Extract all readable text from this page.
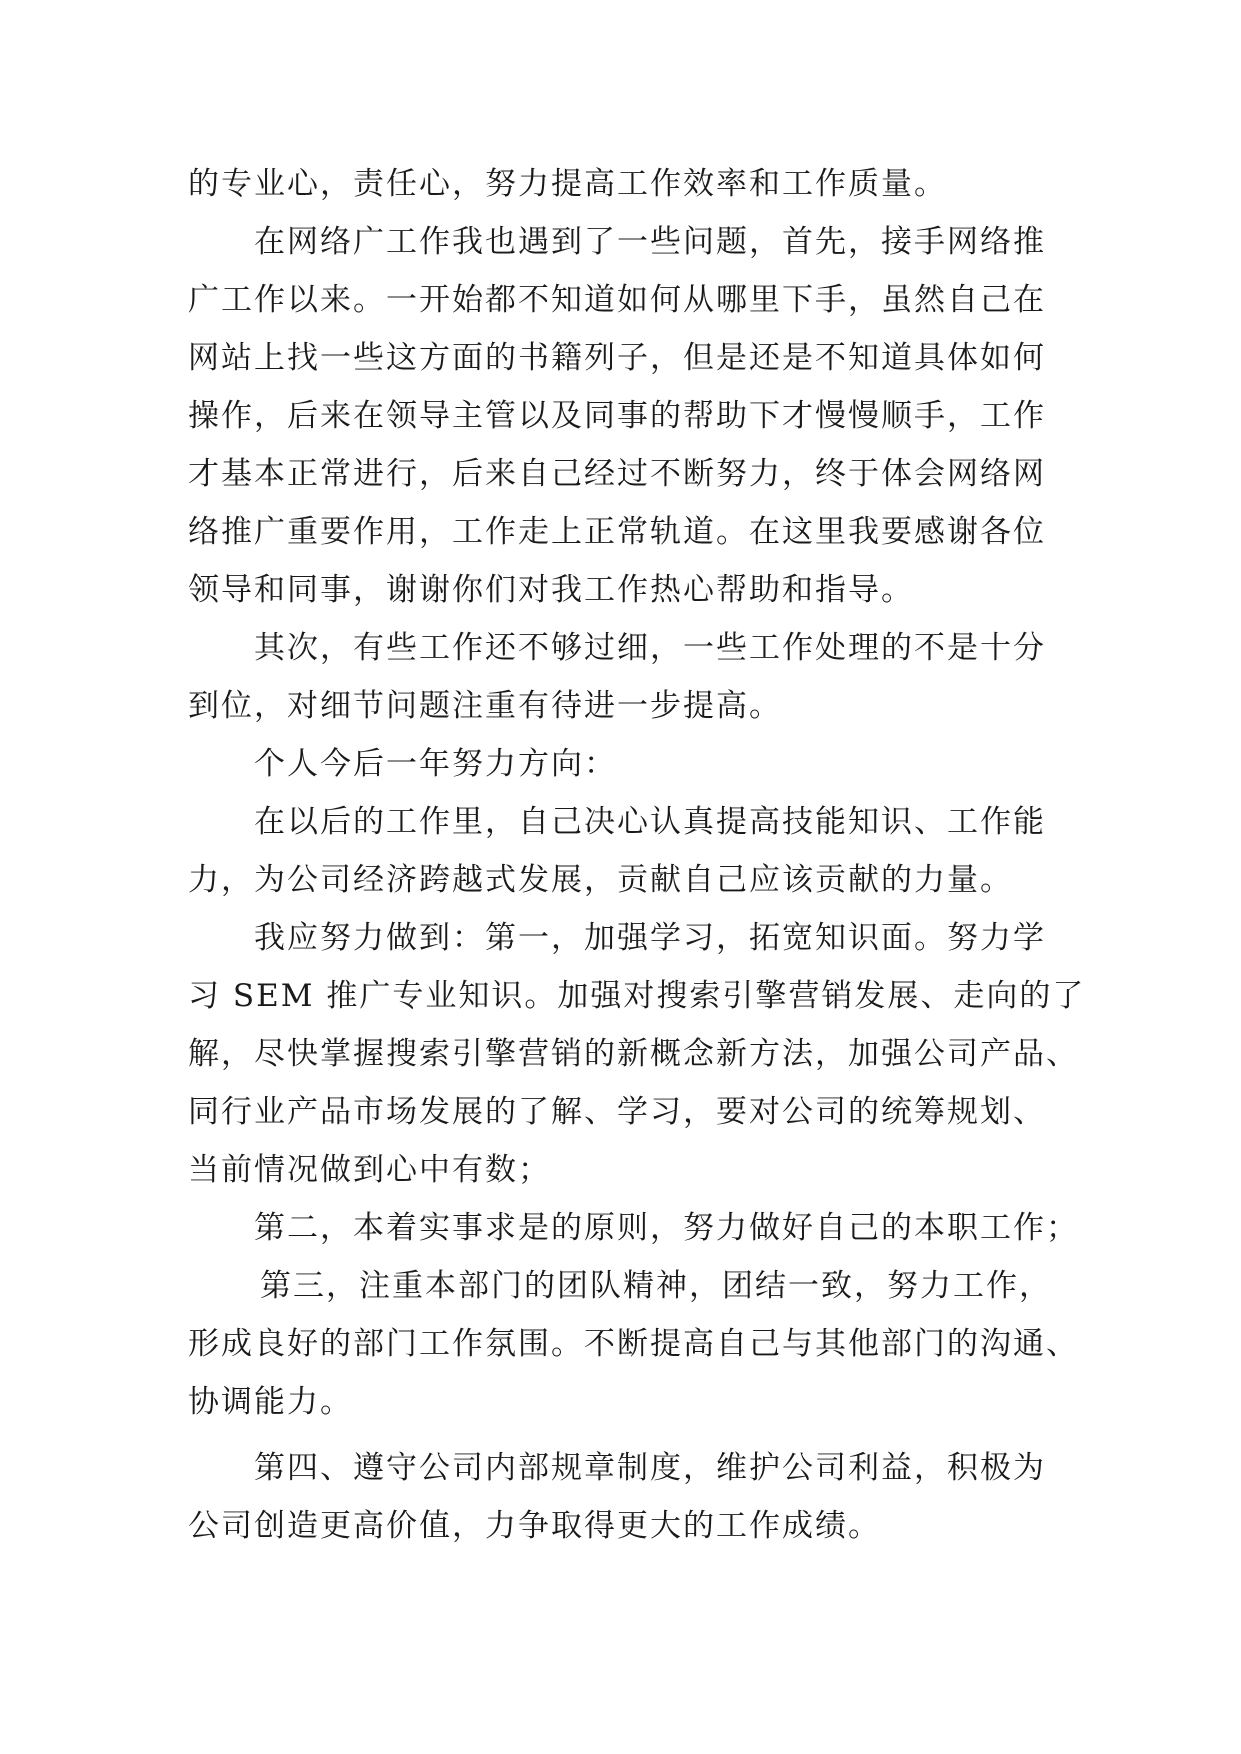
的专业心，责任心，努力提高工作效率和工作质量。
在网络广工作我也遇到了一些问题，首先，接手网络推
广工作以来。一开始都不知道如何从哪里下手，虽然自己在
网站上找一些这方面的书籍列子，但是还是不知道具体如何
操作，后来在领导主管以及同事的帮助下才慢慢顺手，工作
才基本正常进行，后来自己经过不断努力，终于体会网络网
络推广重要作用，工作走上正常轨道。在这里我要感谢各位
领导和同事，谢谢你们对我工作热心帮助和指导。
其次，有些工作还不够过细，一些工作处理的不是十分
到位，对细节问题注重有待进一步提高。
个人今后一年努力方向：
在以后的工作里，自己决心认真提高技能知识、工作能
力，为公司经济跨越式发展，贡献自己应该贡献的力量。
我应努力做到：第一，加强学习，拓宽知识面。努力学
习 SEM 推广专业知识。加强对搜索引擎营销发展、走向的了
解，尽快掌握搜索引擎营销的新概念新方法，加强公司产品、
同行业产品市场发展的了解、学习，要对公司的统筹规划、
当前情况做到心中有数；
第二，本着实事求是的原则，努力做好自己的本职工作；
第三，注重本部门的团队精神，团结一致，努力工作，
形成良好的部门工作氛围。不断提高自己与其他部门的沟通、
协调能力。
第四、遵守公司内部规章制度，维护公司利益，积极为
公司创造更高价值，力争取得更大的工作成绩。
